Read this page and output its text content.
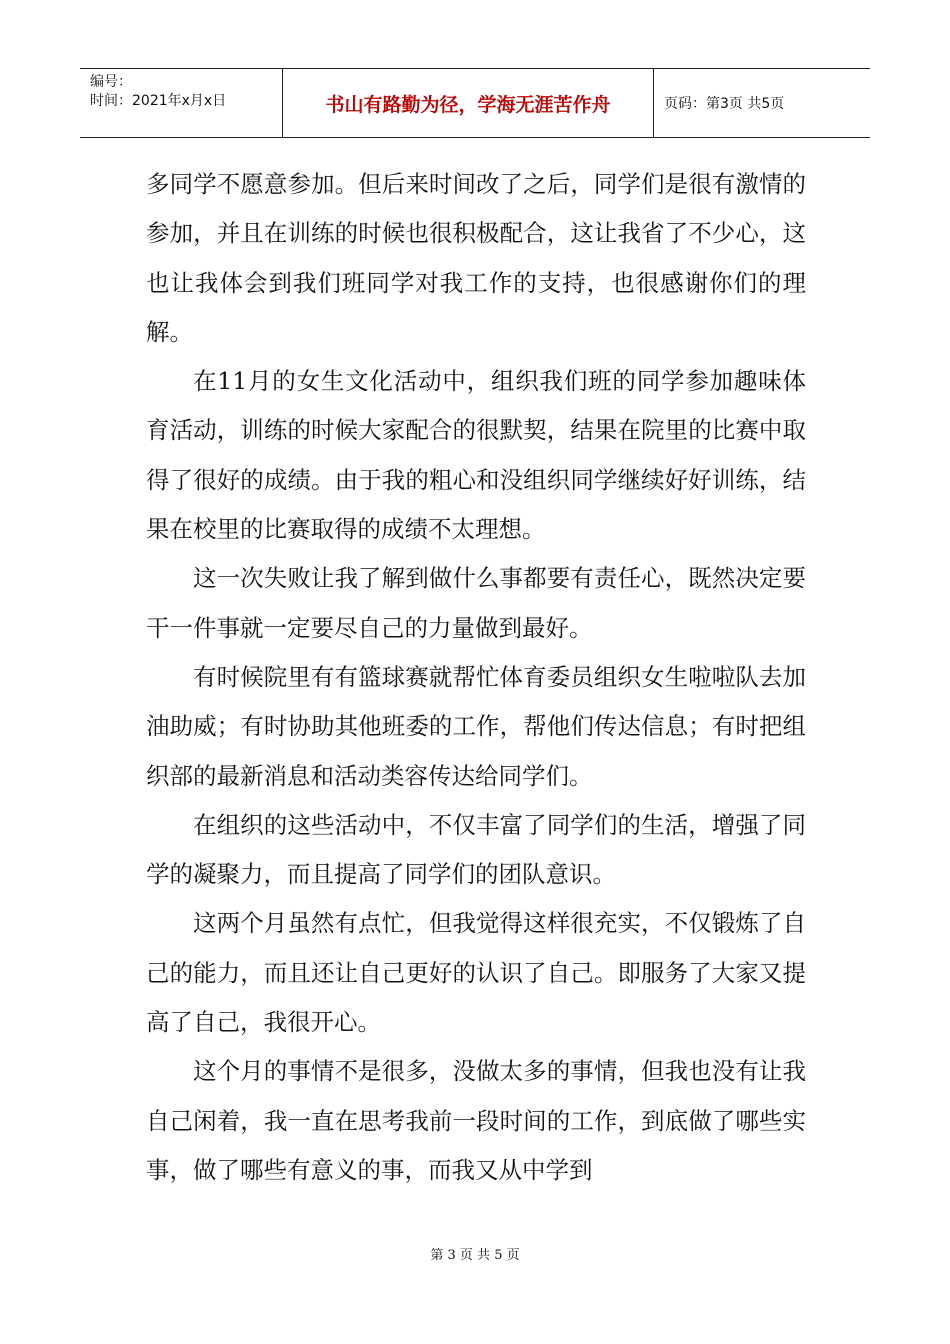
编号：
时间：2021年x月x日	书山有路勤为径，学海无涯苦作舟	页码：第3页 共5页

多同学不愿意参加。但后来时间改了之后，同学们是很有激情的参加，并且在训练的时候也很积极配合，这让我省了不少心，这也让我体会到我们班同学对我工作的支持，也很感谢你们的理解。

在11月的女生文化活动中，组织我们班的同学参加趣味体育活动，训练的时候大家配合的很默契，结果在院里的比赛中取得了很好的成绩。由于我的粗心和没组织同学继续好好训练，结果在校里的比赛取得的成绩不太理想。

这一次失败让我了解到做什么事都要有责任心，既然决定要干一件事就一定要尽自己的力量做到最好。

有时候院里有有篮球赛就帮忙体育委员组织女生啦啦队去加油助威；有时协助其他班委的工作，帮他们传达信息；有时把组织部的最新消息和活动类容传达给同学们。

在组织的这些活动中，不仅丰富了同学们的生活，增强了同学的凝聚力，而且提高了同学们的团队意识。

这两个月虽然有点忙，但我觉得这样很充实，不仅锻炼了自己的能力，而且还让自己更好的认识了自己。即服务了大家又提高了自己，我很开心。

这个月的事情不是很多，没做太多的事情，但我也没有让我自己闲着，我一直在思考我前一段时间的工作，到底做了哪些实事，做了哪些有意义的事，而我又从中学到

第 3 页 共 5 页
